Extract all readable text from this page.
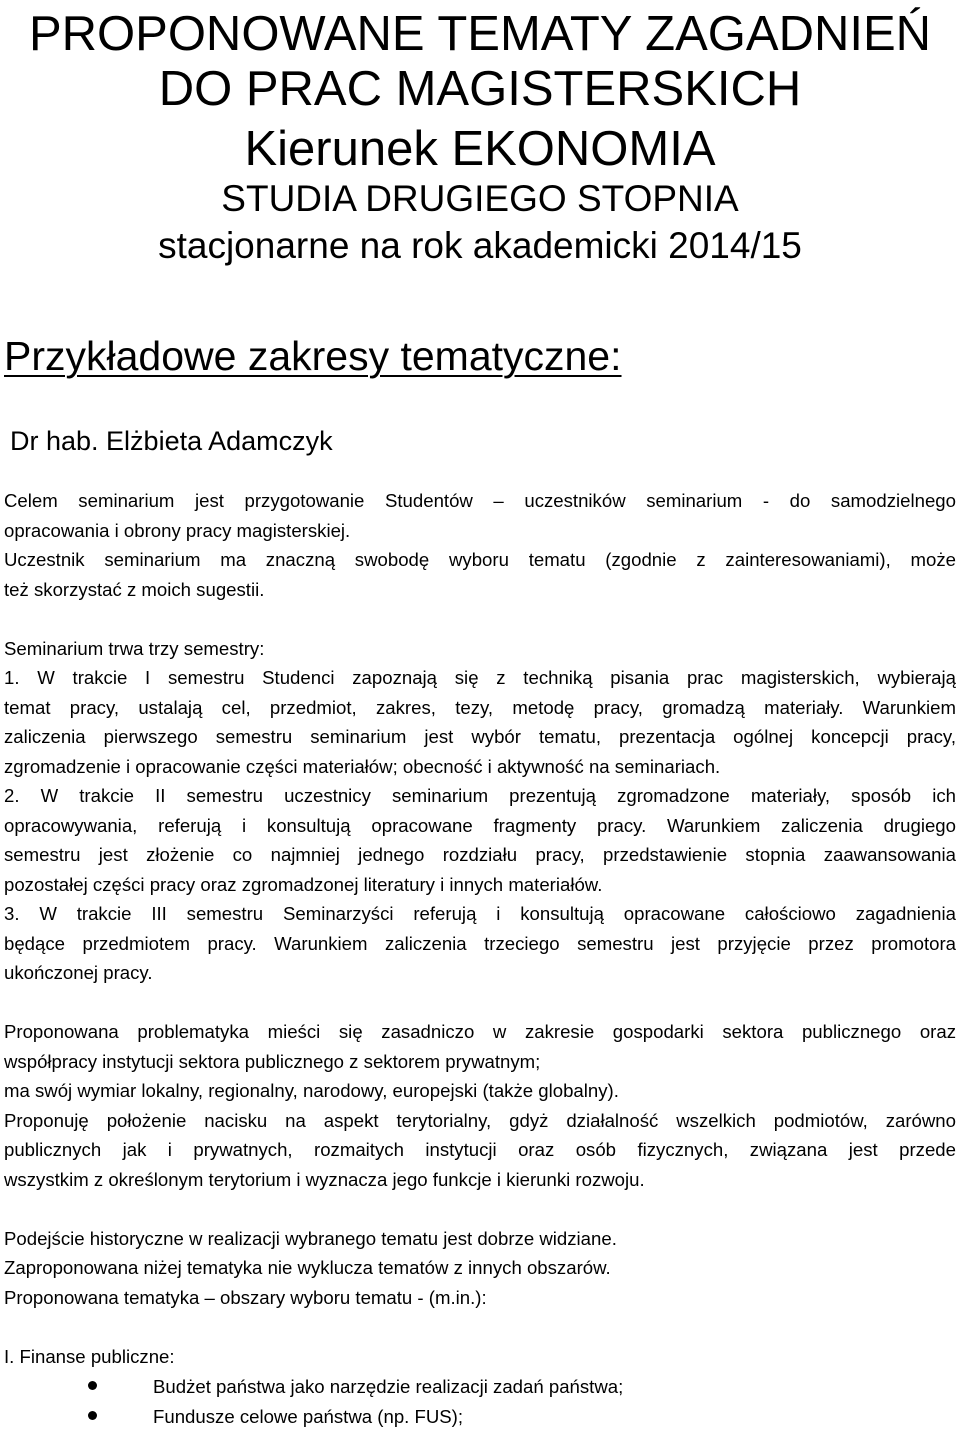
PROPONOWANE TEMATY ZAGADNIEŃ
DO PRAC MAGISTERSKICH
Kierunek EKONOMIA
STUDIA DRUGIEGO STOPNIA
stacjonarne na rok akademicki 2014/15
Przykładowe zakresy tematyczne:
Dr hab. Elżbieta Adamczyk
Celem seminarium jest przygotowanie Studentów – uczestników seminarium - do samodzielnego
opracowania i obrony pracy magisterskiej.
Uczestnik seminarium ma znaczną swobodę wyboru tematu (zgodnie z zainteresowaniami), może
też skorzystać z moich sugestii.

Seminarium trwa trzy semestry:
1. W trakcie I semestru Studenci zapoznają się z techniką pisania prac magisterskich, wybierają
temat pracy, ustalają cel, przedmiot, zakres, tezy, metodę pracy, gromadzą materiały. Warunkiem
zaliczenia pierwszego semestru seminarium jest wybór tematu, prezentacja ogólnej koncepcji pracy,
zgromadzenie i opracowanie części materiałów; obecność i aktywność na seminariach.
2. W trakcie II semestru uczestnicy seminarium prezentują zgromadzone materiały, sposób ich
opracowywania, referują i konsultują opracowane fragmenty pracy. Warunkiem zaliczenia drugiego
semestru jest złożenie co najmniej jednego rozdziału pracy, przedstawienie stopnia zaawansowania
pozostałej części pracy oraz zgromadzonej literatury i innych materiałów.
3. W trakcie III semestru Seminarzyści referują i konsultują opracowane całościowo zagadnienia
będące przedmiotem pracy. Warunkiem zaliczenia trzeciego semestru jest przyjęcie przez promotora
ukończonej pracy.

Proponowana problematyka mieści się zasadniczo w zakresie gospodarki sektora publicznego oraz
współpracy instytucji sektora publicznego z sektorem prywatnym;
ma swój wymiar lokalny, regionalny, narodowy, europejski (także globalny).
Proponuję położenie nacisku na aspekt terytorialny, gdyż działalność wszelkich podmiotów, zarówno
publicznych jak i prywatnych, rozmaitych instytucji oraz osób fizycznych, związana jest przede
wszystkim z określonym terytorium i wyznacza jego funkcje i kierunki rozwoju.

Podejście historyczne w realizacji wybranego tematu jest dobrze widziane.
Zaproponowana niżej tematyka nie wyklucza tematów z innych obszarów.
Proponowana tematyka – obszary wyboru tematu - (m.in.):

I. Finanse publiczne:
Budżet państwa jako narzędzie realizacji zadań państwa;
Fundusze celowe państwa (np. FUS);
